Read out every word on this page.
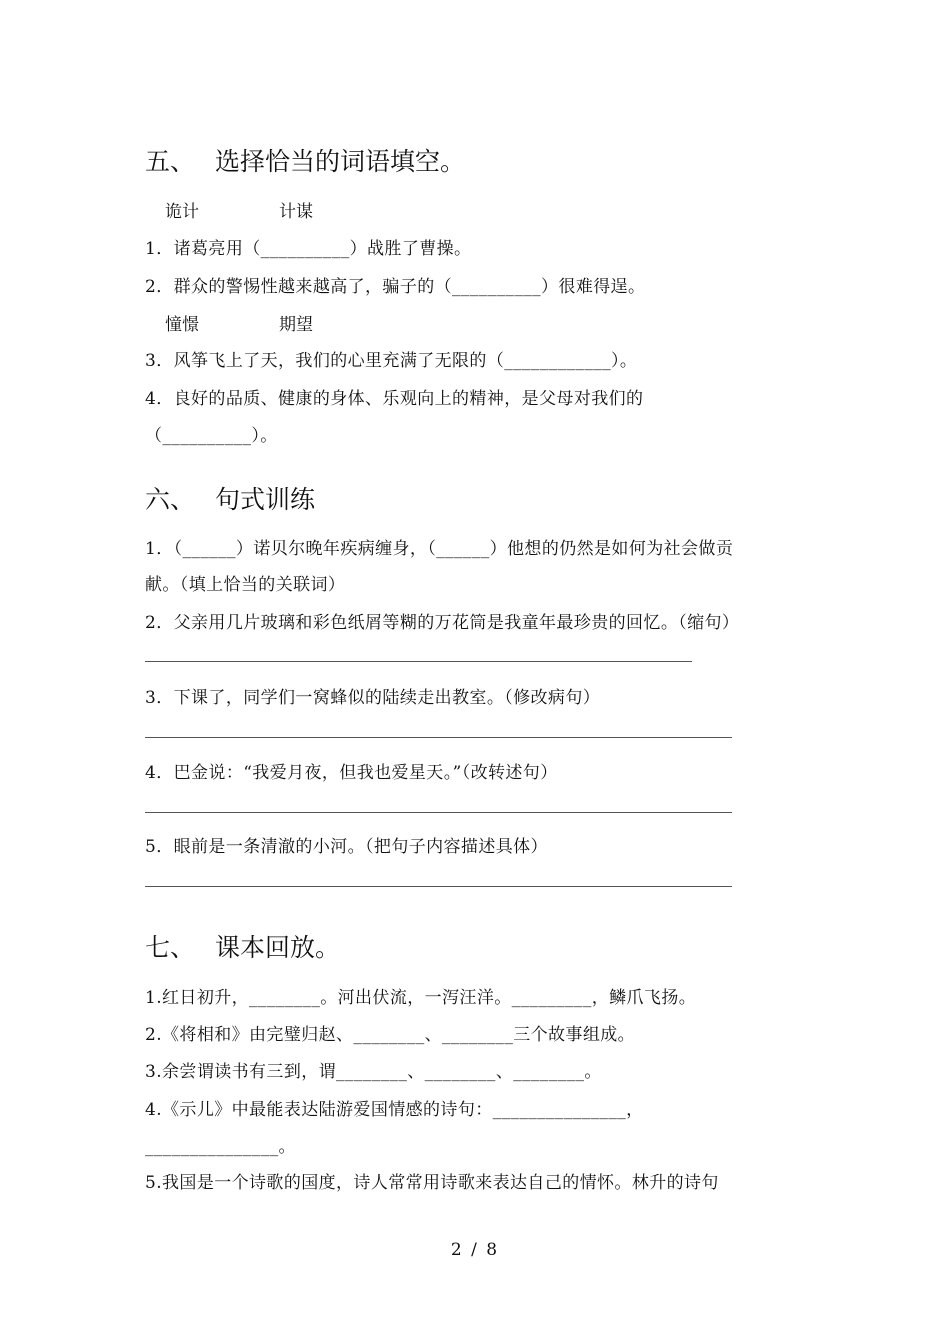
五、 选择恰当的词语填空。
诡计	计谋
1．诸葛亮用（__________）战胜了曹操。
2．群众的警惕性越来越高了，骗子的（__________）很难得逞。
憧憬	期望
3．风筝飞上了天，我们的心里充满了无限的（____________）。
4．良好的品质、健康的身体、乐观向上的精神，是父母对我们的
（__________）。
六、 句式训练
1．（______）诺贝尔晚年疾病缠身，（______）他想的仍然是如何为社会做贡
献。（填上恰当的关联词）
2．父亲用几片玻璃和彩色纸屑等糊的万花筒是我童年最珍贵的回忆。（缩句）
3．下课了，同学们一窝蜂似的陆续走出教室。（修改病句）
4．巴金说：“我爱月夜，但我也爱星天。”（改转述句）
5．眼前是一条清澈的小河。（把句子内容描述具体）
七、 课本回放。
1.红日初升，________。河出伏流，一泻汪洋。_________，鳞爪飞扬。
2.《将相和》由完璧归赵、________、________三个故事组成。
3.余尝谓读书有三到，谓________、________、________。
4.《示儿》中最能表达陆游爱国情感的诗句：_______________，
_______________。
5.我国是一个诗歌的国度，诗人常常用诗歌来表达自己的情怀。林升的诗句
2 / 8
